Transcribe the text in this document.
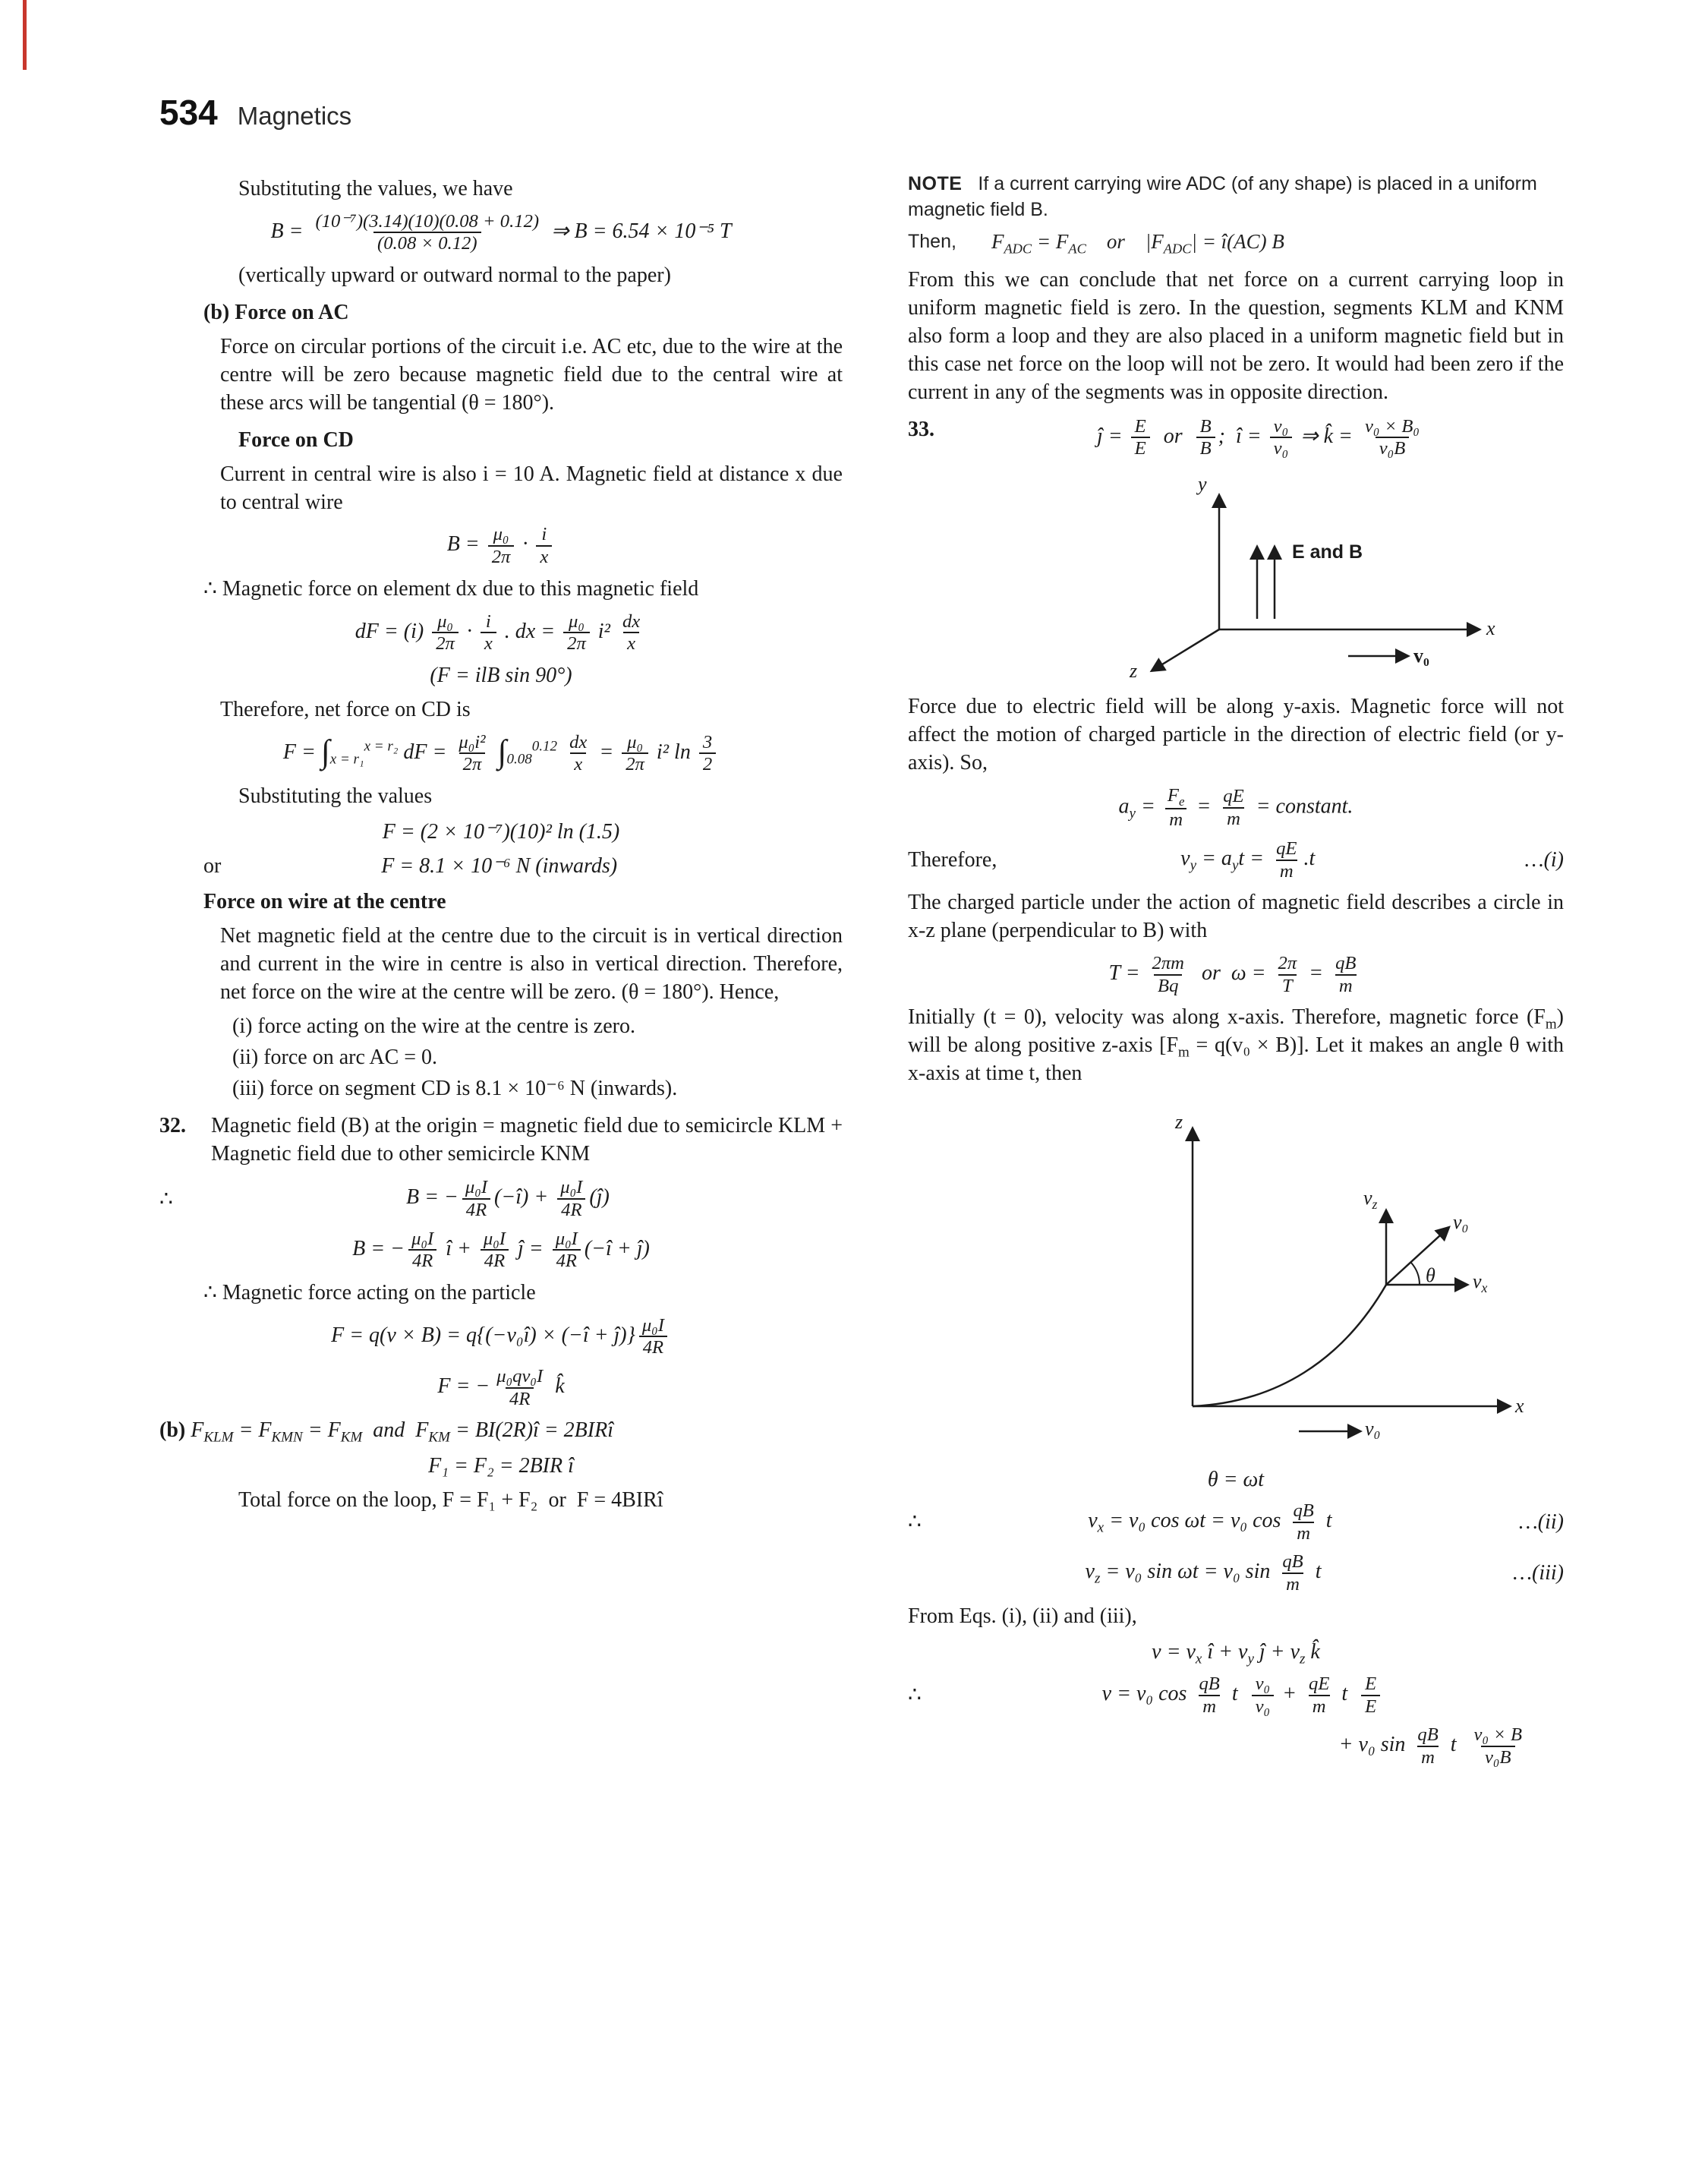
534 Magnetics

Substituting the values, we have

$B = \frac{\text{(10⁻⁷)(3.14)(10)(0.08 + 0.12)}}{(0.08 \times 0.12)}$ ⇒ B = 6.54 × 10⁻⁵ T

(vertically upward or outward normal to the paper)

(b) Force on AC

Force on circular portions of the circuit i.e. AC etc, due to the wire at the centre will be zero because magnetic field due to the central wire at these arcs will be tangential (θ = 180°).

Force on CD

Current in central wire is also i = 10 A. Magnetic field at distance x due to central wire

$B = \frac{\text{μ₀}}{2\pi} \cdot \frac{i}{x}$

∴ Magnetic force on element dx due to this magnetic field

dF = $(i) \frac{\text{μ₀}}{2\pi} \cdot \frac{i}{x}$ . dx = $\frac{\text{μ₀}}{2\pi} i^2 \frac{dx}{x}$
(F = ilB sin 90°)

Therefore, net force on CD is

$F = \int_{x = r_1}^{x = r_2}$ dF = $\frac{\text{μ₀i²}}{2\pi} \int_{0.08}^{0.12} \frac{dx}{x} = \frac{\text{μ₀}}{2\pi} i^2$ $\ln \frac{3}{2}$

Substituting the values

F = (2 × 10⁻⁷)(10)² ln (1.5)
or	F = 8.1 × 10⁻⁶ N (inwards)
Force on wire at the centre

Net magnetic field at the centre due to the circuit is in vertical direction and current in the wire in centre is also in vertical direction. Therefore, net force on the wire at the centre will be zero. (θ = 180°). Hence,

(i) force acting on the wire at the centre is zero.

(ii) force on arc AC = 0.

(iii) force on segment CD is 8.1 × 10⁻⁶ N (inwards).

32.	Magnetic field (B) at the origin = magnetic field due to semicircle KLM + Magnetic field due to other semicircle KNM

∴	B = − $\frac{\text{μ₀I}}{4R}$ (−î) + $\frac{\text{μ₀I}}{4R}$ (ĵ)
B = − $\frac{\text{μ₀I}}{4R}$ î + $\frac{\text{μ₀I}}{4R}$ ĵ = $\frac{\text{μ₀I}}{4R}$ (−î + ĵ)

∴ Magnetic force acting on the particle

F = q(v × B) = q{(−v₀î) × (−î + ĵ)} $\frac{\text{μ₀I}}{4R}$
F = − $\frac{\text{μ₀qv₀I}}{4R}$ k̂

(b) $F_{KLM} = F_{KMN} = F_{KM}$ and $F_{KM}$ = BI(2R)î = 2BIRî

F₁ = F₂ = 2BIR î

Total force on the loop, F = F₁ + F₂ or F = 4BIRî

NOTE If a current carrying wire ADC (of any shape) is placed in a uniform magnetic field B.

Then, $F_{ADC} = F_{AC}$ or $|F_{ADC}|$ = î(AC) B

From this we can conclude that net force on a current carrying loop in uniform magnetic field is zero. In the question, segments KLM and KNM also form a loop and they are also placed in a uniform magnetic field but in this case net force on the loop will not be zero. It would had been zero if the current in any of the segments was in opposite direction.

33.	ĵ = $\frac{E}{E}$  or  $\frac{B}{B}$ ; î = $\frac{\text{v₀}}{\text{v₀}}$ ⇒ k̂ = $\frac{\text{v₀ × B₀}}{\text{v₀B}}$
y
x
z
E and B
v₀

Force due to electric field will be along y-axis. Magnetic force will not affect the motion of charged particle in the direction of electric field (or y-axis). So,

$a_y = \frac{F_e}{m} = \frac{qE}{m}$ = constant.
Therefore,	$v_y = a_yt = \frac{qE}{m} .t$	…(i)

The charged particle under the action of magnetic field describes a circle in x-z plane (perpendicular to B) with

$T = \frac{2\pi m}{Bq}$  or $\omega = \frac{2\pi}{T} = \frac{qB}{m}$

Initially (t = 0), velocity was along x-axis. Therefore, magnetic force $(F_m)$ will be along positive z-axis $[F_m = q(v_0 \times B)]$. Let it makes an angle θ with x-axis at time t, then

z
x
$v_z$
v₀
$v_x$
θ
v₀
θ = ωt
∴	$v_x = v_0$ cos ωt = v₀ $\cos \frac{qB}{m}$ t	…(ii)
$v_z = v_0$ sin ωt = v₀ $\sin \frac{qB}{m}$ t	…(iii)

From Eqs. (i), (ii) and (iii),

$v = v_x$ î + $v_y$ ĵ + $v_z$ k̂
∴	v = v₀ $\cos \frac{qB}{m}$ t  $\frac{\text{v₀}}{\text{v₀}} + \frac{qE}{m}$ t  $\frac{E}{E}$
+ v₀ $\sin \frac{qB}{m}$ t  $\frac{\text{v₀ × B}}{\text{v₀B}}$
